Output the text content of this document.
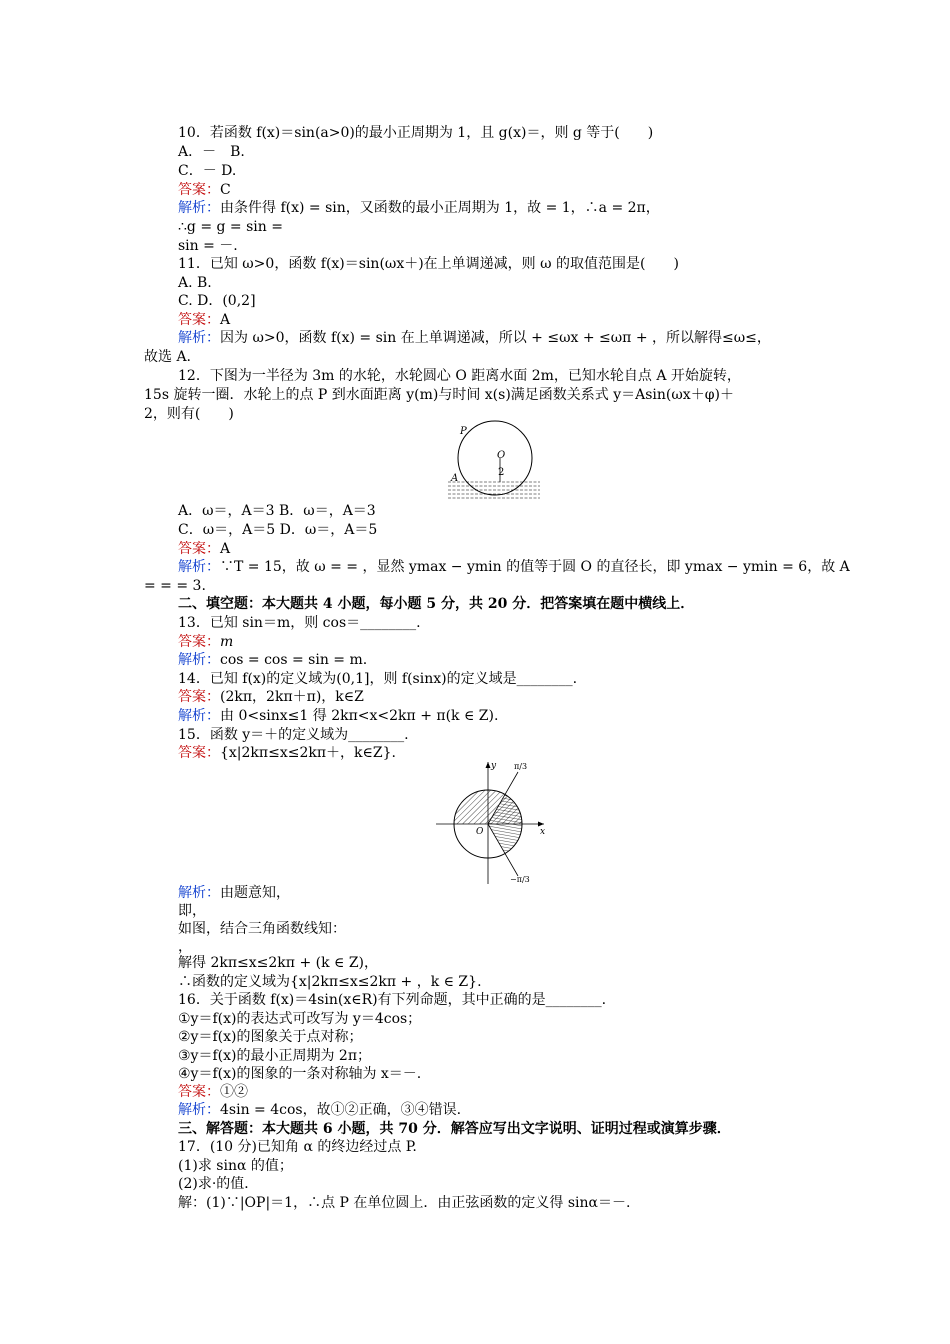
10．若函数 f(x)＝sin(a>0)的最小正周期为 1，且 g(x)＝，则 g 等于(　　)
A．－　B.
C．－ D.
答案：C
解析：由条件得 f(x) = sin，又函数的最小正周期为 1，故 = 1，∴a = 2π，
∴g = g = sin =
sin = －.
11．已知 ω>0，函数 f(x)＝sin(ωx＋)在上单调递减，则 ω 的取值范围是(　　)
A. B.
C. D．(0,2]
答案：A
解析：因为 ω>0，函数 f(x) = sin 在上单调递减，所以 + ≤ωx + ≤ωπ + ，所以解得≤ω≤，
故选 A.
12．下图为一半径为 3m 的水轮，水轮圆心 O 距离水面 2m，已知水轮自点 A 开始旋转，
15s 旋转一圈．水轮上的点 P 到水面距离 y(m)与时间 x(s)满足函数关系式 y＝Asin(ωx＋φ)＋
2，则有(　　)
P
O
2
A
A．ω＝，A＝3 B．ω＝，A＝3
C．ω＝，A＝5 D．ω＝，A＝5
答案：A
解析：∵T = 15，故 ω = = ，显然 ymax − ymin 的值等于圆 O 的直径长，即 ymax − ymin = 6，故 A
= = = 3.
二、填空题：本大题共 4 小题，每小题 5 分，共 20 分．把答案填在题中横线上．
13．已知 sin＝m，则 cos＝________.
答案：m
解析：cos = cos = sin = m.
14．已知 f(x)的定义域为(0,1]，则 f(sinx)的定义域是________.
答案：(2kπ，2kπ＋π)，k∈Z
解析：由 0<sinx≤1 得 2kπ<x<2kπ + π(k ∈ Z).
15．函数 y＝＋的定义域为________.
答案：{x|2kπ≤x≤2kπ＋，k∈Z}.
y
x
O
π/3
−π/3
解析：由题意知，
即，
如图，结合三角函数线知：
，
解得 2kπ≤x≤2kπ + (k ∈ Z)，
∴函数的定义域为{x|2kπ≤x≤2kπ + ，k ∈ Z}.
16．关于函数 f(x)＝4sin(x∈R)有下列命题，其中正确的是________.
①y＝f(x)的表达式可改写为 y＝4cos；
②y＝f(x)的图象关于点对称；
③y＝f(x)的最小正周期为 2π；
④y＝f(x)的图象的一条对称轴为 x＝－.
答案：①②
解析：4sin = 4cos，故①②正确，③④错误.
三、解答题：本大题共 6 小题，共 70 分．解答应写出文字说明、证明过程或演算步骤．
17．(10 分)已知角 α 的终边经过点 P.
(1)求 sinα 的值；
(2)求·的值．
解：(1)∵|OP|＝1，∴点 P 在单位圆上．由正弦函数的定义得 sinα＝－.
